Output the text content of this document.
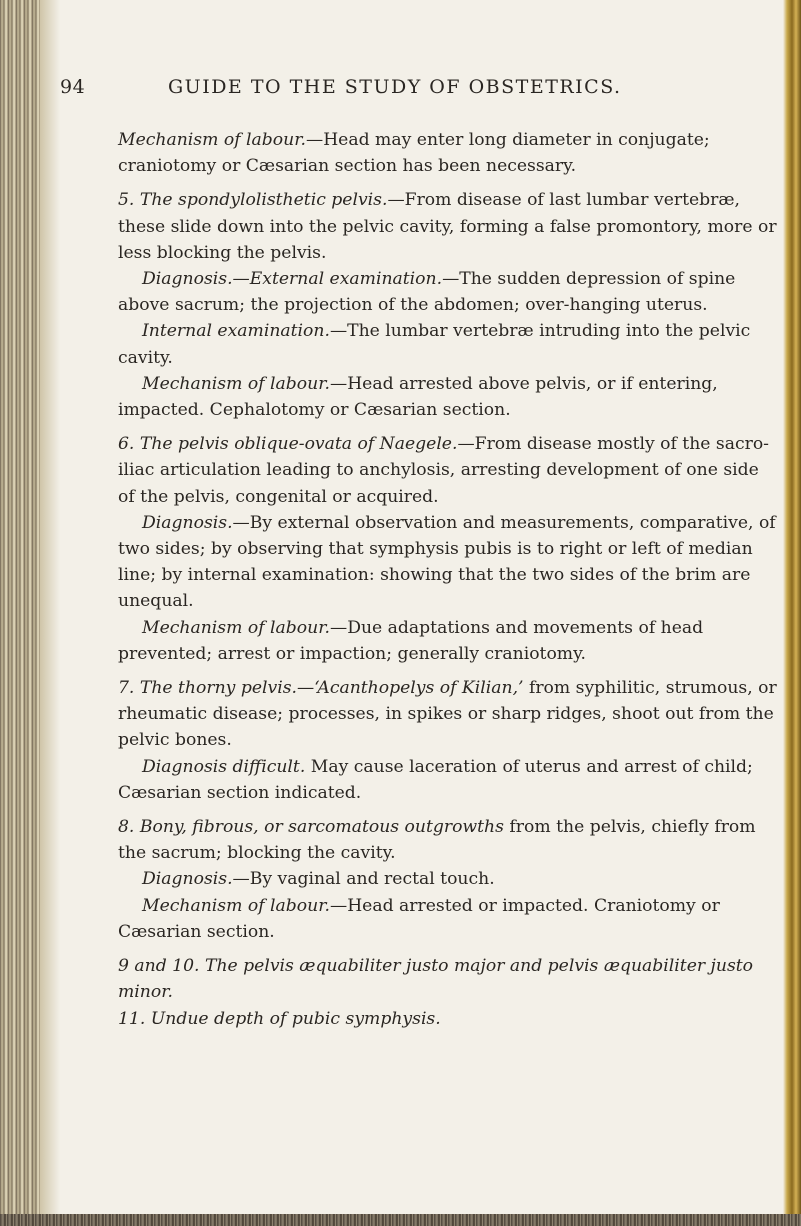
94	GUIDE TO THE STUDY OF OBSTETRICS.

Mechanism of labour.—Head may enter long diameter in conjugate; craniotomy or Cæsarian section has been necessary.

5. The spondylolisthetic pelvis.—From disease of last lumbar vertebræ, these slide down into the pelvic cavity, forming a false promontory, more or less blocking the pelvis.

Diagnosis.—External examination.—The sudden depression of spine above sacrum; the projection of the abdomen; over-hanging uterus.

Internal examination.—The lumbar vertebræ intruding into the pelvic cavity.

Mechanism of labour.—Head arrested above pelvis, or if entering, impacted. Cephalotomy or Cæsarian section.

6. The pelvis oblique-ovata of Naegele.—From disease mostly of the sacro-iliac articulation leading to anchylosis, arresting development of one side of the pelvis, congenital or acquired.

Diagnosis.—By external observation and measurements, comparative, of two sides; by observing that symphysis pubis is to right or left of median line; by internal examination: showing that the two sides of the brim are unequal.

Mechanism of labour.—Due adaptations and movements of head prevented; arrest or impaction; generally craniotomy.

7. The thorny pelvis.—‘Acanthopelys of Kilian,’ from syphilitic, strumous, or rheumatic disease; processes, in spikes or sharp ridges, shoot out from the pelvic bones.

Diagnosis difficult. May cause laceration of uterus and arrest of child; Cæsarian section indicated.

8. Bony, fibrous, or sarcomatous outgrowths from the pelvis, chiefly from the sacrum; blocking the cavity.

Diagnosis.—By vaginal and rectal touch.

Mechanism of labour.—Head arrested or impacted. Craniotomy or Cæsarian section.

9 and 10. The pelvis æquabiliter justo major and pelvis æquabiliter justo minor.

11. Undue depth of pubic symphysis.
